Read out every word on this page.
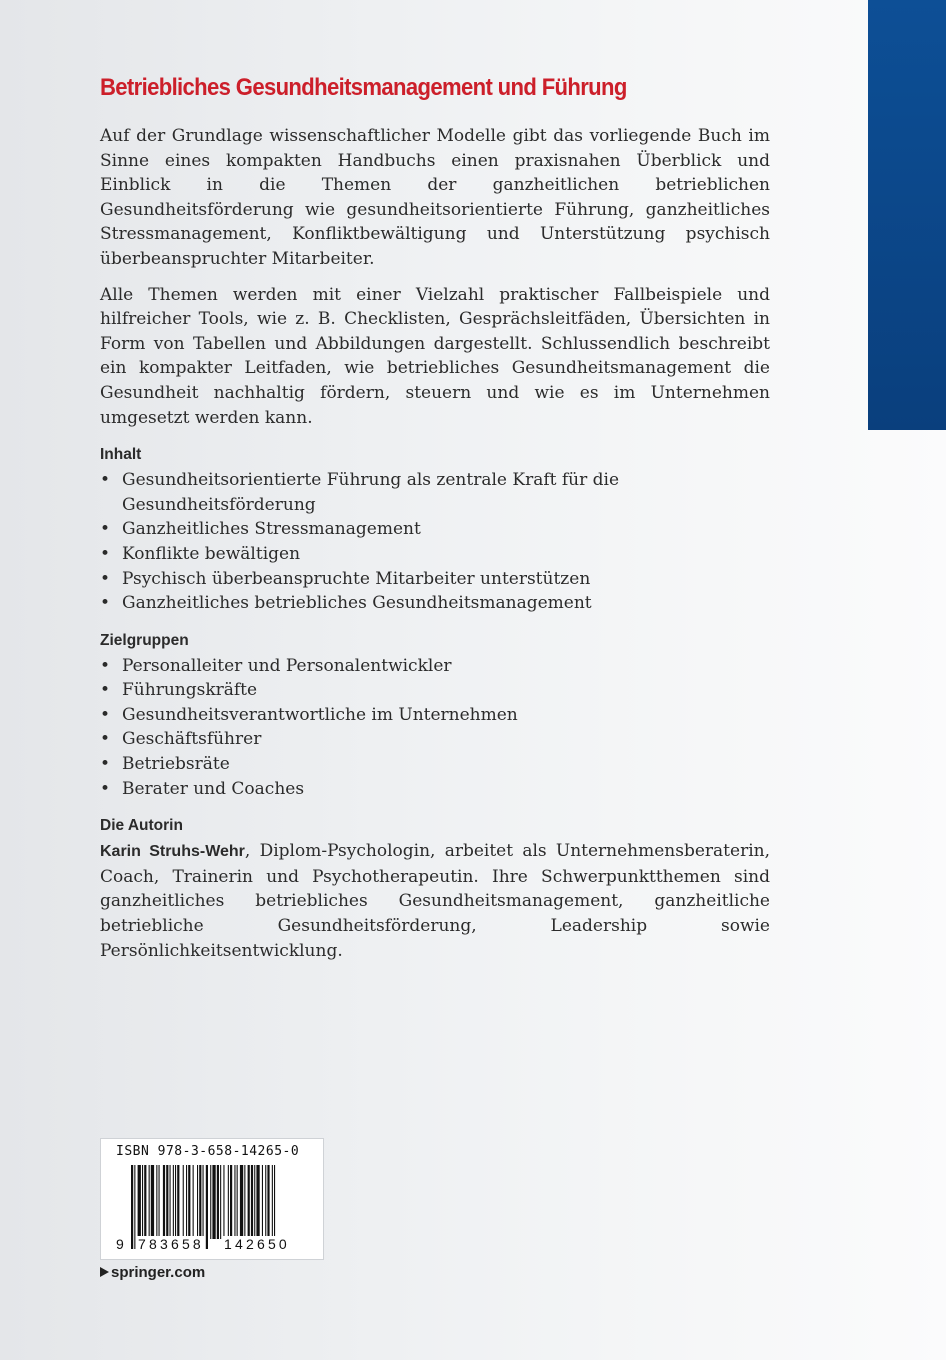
Betriebliches Gesundheitsmanagement und Führung

Auf der Grundlage wissenschaftlicher Modelle gibt das vorliegende Buch im Sinne eines kompakten Handbuchs einen praxisnahen Überblick und Einblick in die Themen der ganzheitlichen betrieblichen Gesundheitsförderung wie gesundheitsorientierte Führung, ganzheitliches Stressmanagement, Konfliktbewältigung und Unterstützung psychisch überbeanspruchter Mitarbeiter.

Alle Themen werden mit einer Vielzahl praktischer Fallbeispiele und hilfreicher Tools, wie z. B. Checklisten, Gesprächsleitfäden, Übersichten in Form von Tabellen und Abbildungen dargestellt. Schlussendlich beschreibt ein kompakter Leitfaden, wie betriebliches Gesundheitsmanagement die Gesundheit nachhaltig fördern, steuern und wie es im Unternehmen umgesetzt werden kann.

Inhalt
• Gesundheitsorientierte Führung als zentrale Kraft für die Gesundheitsförderung
• Ganzheitliches Stressmanagement
• Konflikte bewältigen
• Psychisch überbeanspruchte Mitarbeiter unterstützen
• Ganzheitliches betriebliches Gesundheitsmanagement
Zielgruppen
• Personalleiter und Personalentwickler
• Führungskräfte
• Gesundheitsverantwortliche im Unternehmen
• Geschäftsführer
• Betriebsräte
• Berater und Coaches
Die Autorin

Karin Struhs-Wehr, Diplom-Psychologin, arbeitet als Unternehmensberaterin, Coach, Trainerin und Psychotherapeutin. Ihre Schwerpunktthemen sind ganzheitliches betriebliches Gesundheitsmanagement, ganzheitliche betriebliche Gesundheitsförderung, Leadership sowie Persönlichkeitsentwicklung.

ISBN 978-3-658-14265-0
9 783658 142650
springer.com
